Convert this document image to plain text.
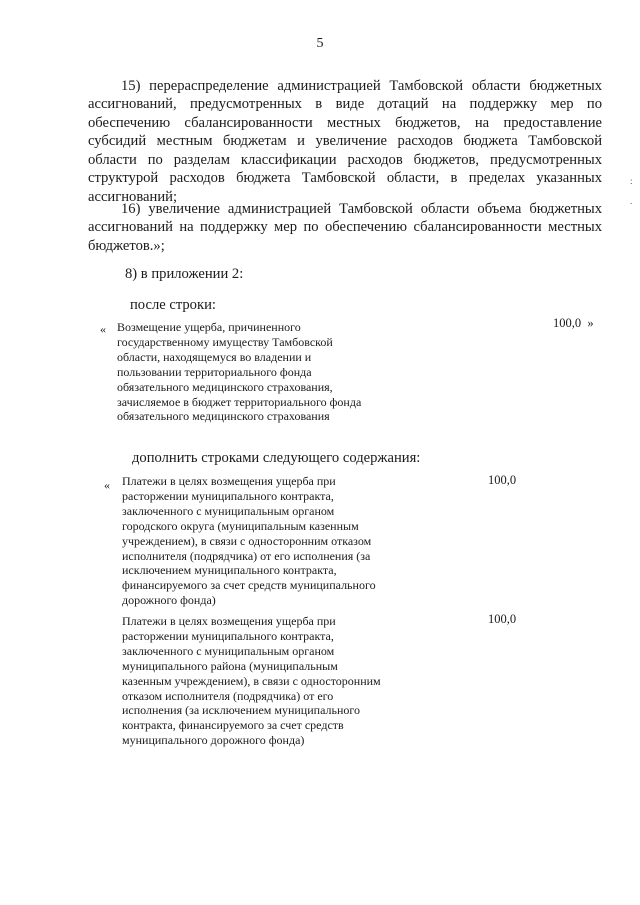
5

15) перераспределение администрацией Тамбовской области бюджетных ассигнований, предусмотренных в виде дотаций на поддержку мер по обеспечению сбалансированности местных бюджетов, на предоставление субсидий местным бюджетам и увеличение расходов бюджета Тамбовской области по разделам классификации расходов бюджетов, предусмотренных структурой расходов бюджета Тамбовской области, в пределах указанных ассигнований;

16) увеличение администрацией Тамбовской области объема бюджетных ассигнований на поддержку мер по обеспечению сбалансированности местных бюджетов.»;

8) в приложении 2:
после строки:
« Возмещение ущерба, причиненного государственному имуществу Тамбовской области, находящемуся во владении и пользовании территориального фонда обязательного медицинского страхования, зачисляемое в бюджет территориального фонда обязательного медицинского страхования
100,0 »
дополнить строками следующего содержания:
« Платежи в целях возмещения ущерба при расторжении муниципального контракта, заключенного с муниципальным органом городского округа (муниципальным казенным учреждением), в связи с односторонним отказом исполнителя (подрядчика) от его исполнения (за исключением муниципального контракта, финансируемого за счет средств муниципального дорожного фонда)
100,0
Платежи в целях возмещения ущерба при расторжении муниципального контракта, заключенного с муниципальным органом муниципального района (муниципальным казенным учреждением), в связи с односторонним отказом исполнителя (подрядчика) от его исполнения (за исключением муниципального контракта, финансируемого за счет средств муниципального дорожного фонда)
100,0
:
.
